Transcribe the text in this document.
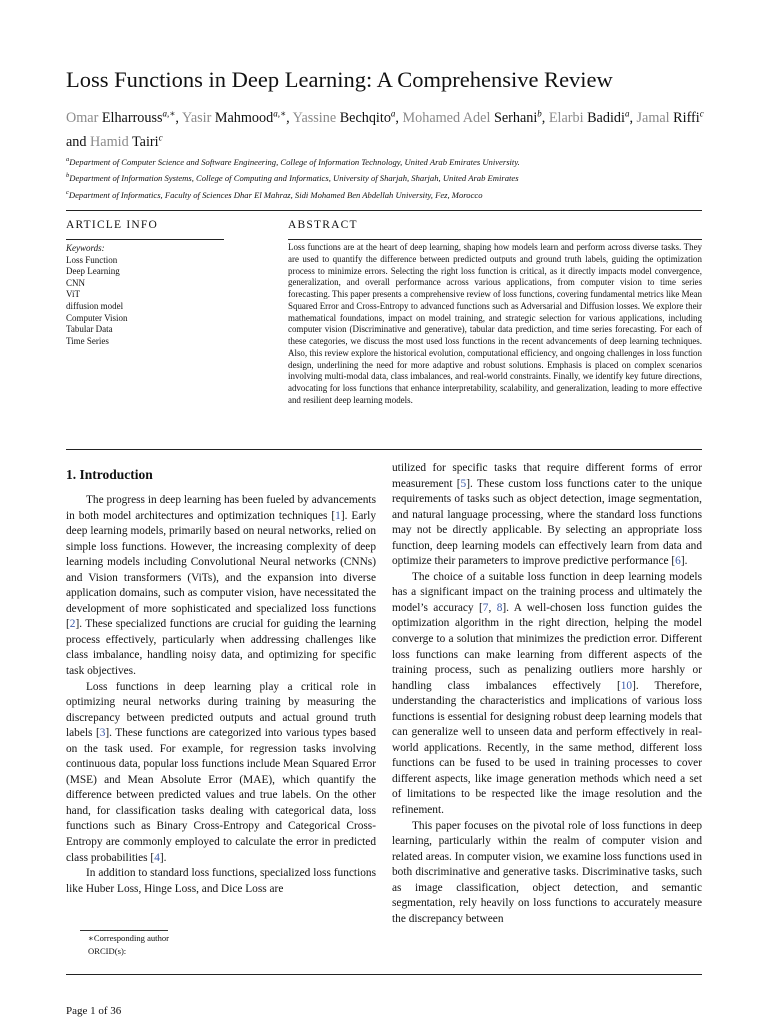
Loss Functions in Deep Learning: A Comprehensive Review
Omar Elharrouss$^{a,∗}$, Yasir Mahmood$^{a,∗}$, Yassine Bechqito$^a$, Mohamed Adel Serhani$^b$, Elarbi Badidi$^a$, Jamal Riffi$^c$ and Hamid Tairi$^c$
$^a$Department of Computer Science and Software Engineering, College of Information Technology, United Arab Emirates University.
$^b$Department of Information Systems, College of Computing and Informatics, University of Sharjah, Sharjah, United Arab Emirates
$^c$Department of Informatics, Faculty of Sciences Dhar El Mahraz, Sidi Mohamed Ben Abdellah University, Fez, Morocco
ARTICLE INFO	ABSTRACT
Keywords:
Loss Function
Deep Learning
CNN
ViT
diffusion model
Computer Vision
Tabular Data
Time Series
Loss functions are at the heart of deep learning, shaping how models learn and perform across diverse tasks. They are used to quantify the difference between predicted outputs and ground truth labels, guiding the optimization process to minimize errors. Selecting the right loss function is critical, as it directly impacts model convergence, generalization, and overall performance across various applications, from computer vision to time series forecasting. This paper presents a comprehensive review of loss functions, covering fundamental metrics like Mean Squared Error and Cross-Entropy to advanced functions such as Adversarial and Diffusion losses. We explore their mathematical foundations, impact on model training, and strategic selection for various applications, including computer vision (Discriminative and generative), tabular data prediction, and time series forecasting. For each of these categories, we discuss the most used loss functions in the recent advancements of deep learning techniques. Also, this review explore the historical evolution, computational efficiency, and ongoing challenges in loss function design, underlining the need for more adaptive and robust solutions. Emphasis is placed on complex scenarios involving multi-modal data, class imbalances, and real-world constraints. Finally, we identify key future directions, advocating for loss functions that enhance interpretability, scalability, and generalization, leading to more effective and resilient deep learning models.
1. Introduction

The progress in deep learning has been fueled by advancements in both model architectures and optimization techniques [1]. Early deep learning models, primarily based on neural networks, relied on simple loss functions. However, the increasing complexity of deep learning models including Convolutional Neural networks (CNNs) and Vision transformers (ViTs), and the expansion into diverse application domains, such as computer vision, have necessitated the development of more sophisticated and specialized loss functions [2]. These specialized functions are crucial for guiding the learning process effectively, particularly when addressing challenges like class imbalance, handling noisy data, and optimizing for specific task objectives.

Loss functions in deep learning play a critical role in optimizing neural networks during training by measuring the discrepancy between predicted outputs and actual ground truth labels [3]. These functions are categorized into various types based on the task used. For example, for regression tasks involving continuous data, popular loss functions include Mean Squared Error (MSE) and Mean Absolute Error (MAE), which quantify the difference between predicted values and true labels. On the other hand, for classification tasks dealing with categorical data, loss functions such as Binary Cross-Entropy and Categorical Cross-Entropy are commonly employed to calculate the error in predicted class probabilities [4].

In addition to standard loss functions, specialized loss functions like Huber Loss, Hinge Loss, and Dice Loss are

utilized for specific tasks that require different forms of error measurement [5]. These custom loss functions cater to the unique requirements of tasks such as object detection, image segmentation, and natural language processing, where the standard loss functions may not be directly applicable. By selecting an appropriate loss function, deep learning models can effectively learn from data and optimize their parameters to improve predictive performance [6].

The choice of a suitable loss function in deep learning models has a significant impact on the training process and ultimately the model’s accuracy [7, 8]. A well-chosen loss function guides the optimization algorithm in the right direction, helping the model converge to a solution that minimizes the prediction error. Different loss functions can make learning from different aspects of the training process, such as penalizing outliers more harshly or handling class imbalances effectively [10]. Therefore, understanding the characteristics and implications of various loss functions is essential for designing robust deep learning models that can generalize well to unseen data and perform effectively in real-world applications. Recently, in the same method, different loss functions can be fused to be used in training processes to cover different aspects, like image generation methods which need a set of limitations to be respected like the image resolution and the refinement.

This paper focuses on the pivotal role of loss functions in deep learning, particularly within the realm of computer vision and related areas. In computer vision, we examine loss functions used in both discriminative and generative tasks. Discriminative tasks, such as image classification, object detection, and semantic segmentation, rely heavily on loss functions to accurately measure the discrepancy between

∗Corresponding author
ORCID(s):
Page 1 of 36
